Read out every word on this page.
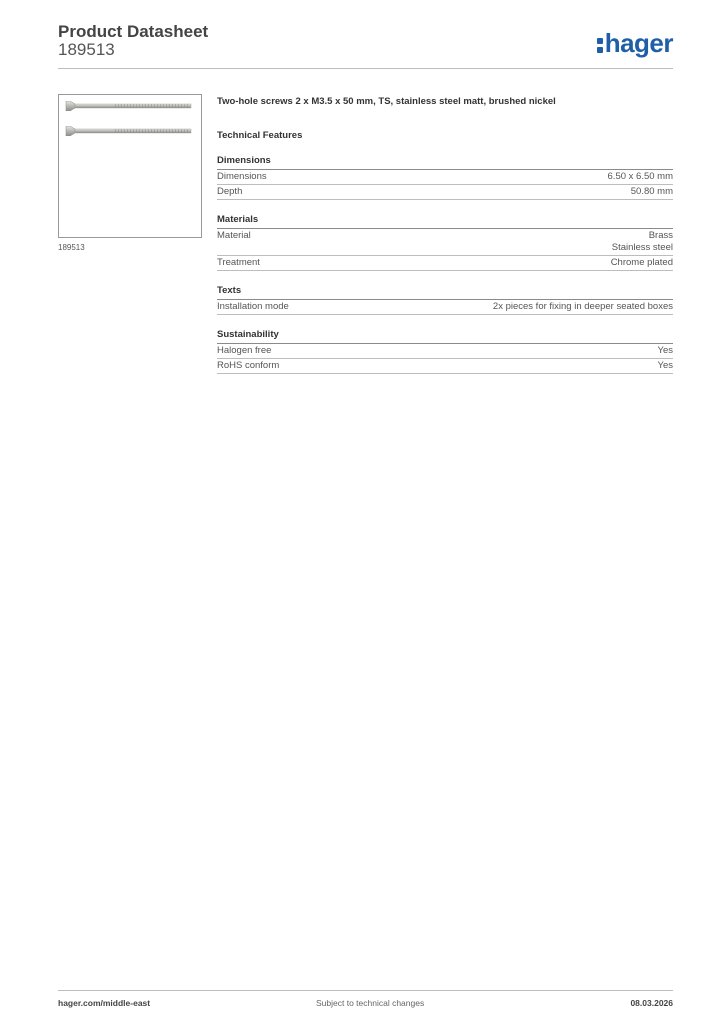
Product Datasheet
189513	hager
189513
Two-hole screws 2 x M3.5 x 50 mm, TS, stainless steel matt, brushed nickel
Technical Features
Dimensions
Dimensions	6.50 x 6.50 mm
Depth	50.80 mm
Materials
Material	Brass
Stainless steel
Treatment	Chrome plated
Texts
Installation mode	2x pieces for fixing in deeper seated boxes
Sustainability
Halogen free	Yes
RoHS conform	Yes
hager.com/middle-east	Subject to technical changes	08.03.2026
